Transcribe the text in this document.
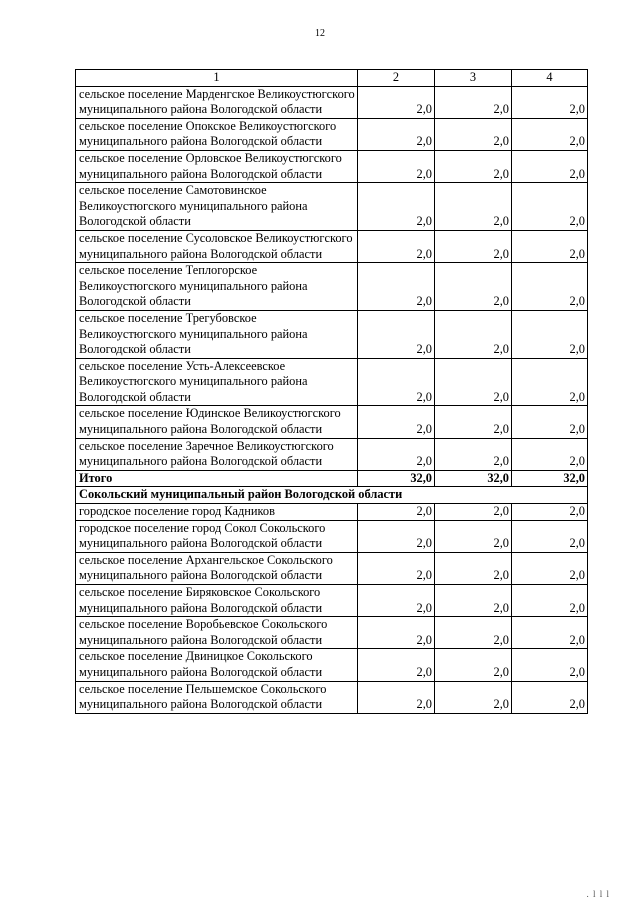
12
1	2	3	4
сельское поселение Марденгское Великоустюгского муниципального района Вологодской области	2,0	2,0	2,0
сельское поселение Опокское Великоустюгского муниципального района Вологодской области	2,0	2,0	2,0
сельское поселение Орловское Великоустюгского муниципального района Вологодской области	2,0	2,0	2,0
сельское поселение Самотовинское Великоустюгского муниципального района Вологодской области	2,0	2,0	2,0
сельское поселение Сусоловское Великоустюгского муниципального района Вологодской области	2,0	2,0	2,0
сельское поселение Теплогорское Великоустюгского муниципального района Вологодской области	2,0	2,0	2,0
сельское поселение Трегубовское Великоустюгского муниципального района Вологодской области	2,0	2,0	2,0
сельское поселение Усть-Алексеевское Великоустюгского муниципального района Вологодской области	2,0	2,0	2,0
сельское поселение Юдинское Великоустюгского муниципального района Вологодской области	2,0	2,0	2,0
сельское поселение Заречное Великоустюгского муниципального района Вологодской области	2,0	2,0	2,0
Итого	32,0	32,0	32,0
Сокольский муниципальный район Вологодской области			
городское поселение город Кадников	2,0	2,0	2,0
городское поселение город Сокол Сокольского муниципального района Вологодской области	2,0	2,0	2,0
сельское поселение Архангельское Сокольского муниципального района Вологодской области	2,0	2,0	2,0
сельское поселение Биряковское Сокольского муниципального района Вологодской области	2,0	2,0	2,0
сельское поселение Воробьевское Сокольского муниципального района Вологодской области	2,0	2,0	2,0
сельское поселение Двиницкое Сокольского муниципального района Вологодской области	2,0	2,0	2,0
сельское поселение Пельшемское Сокольского муниципального района Вологодской области	2,0	2,0	2,0
. l l l
